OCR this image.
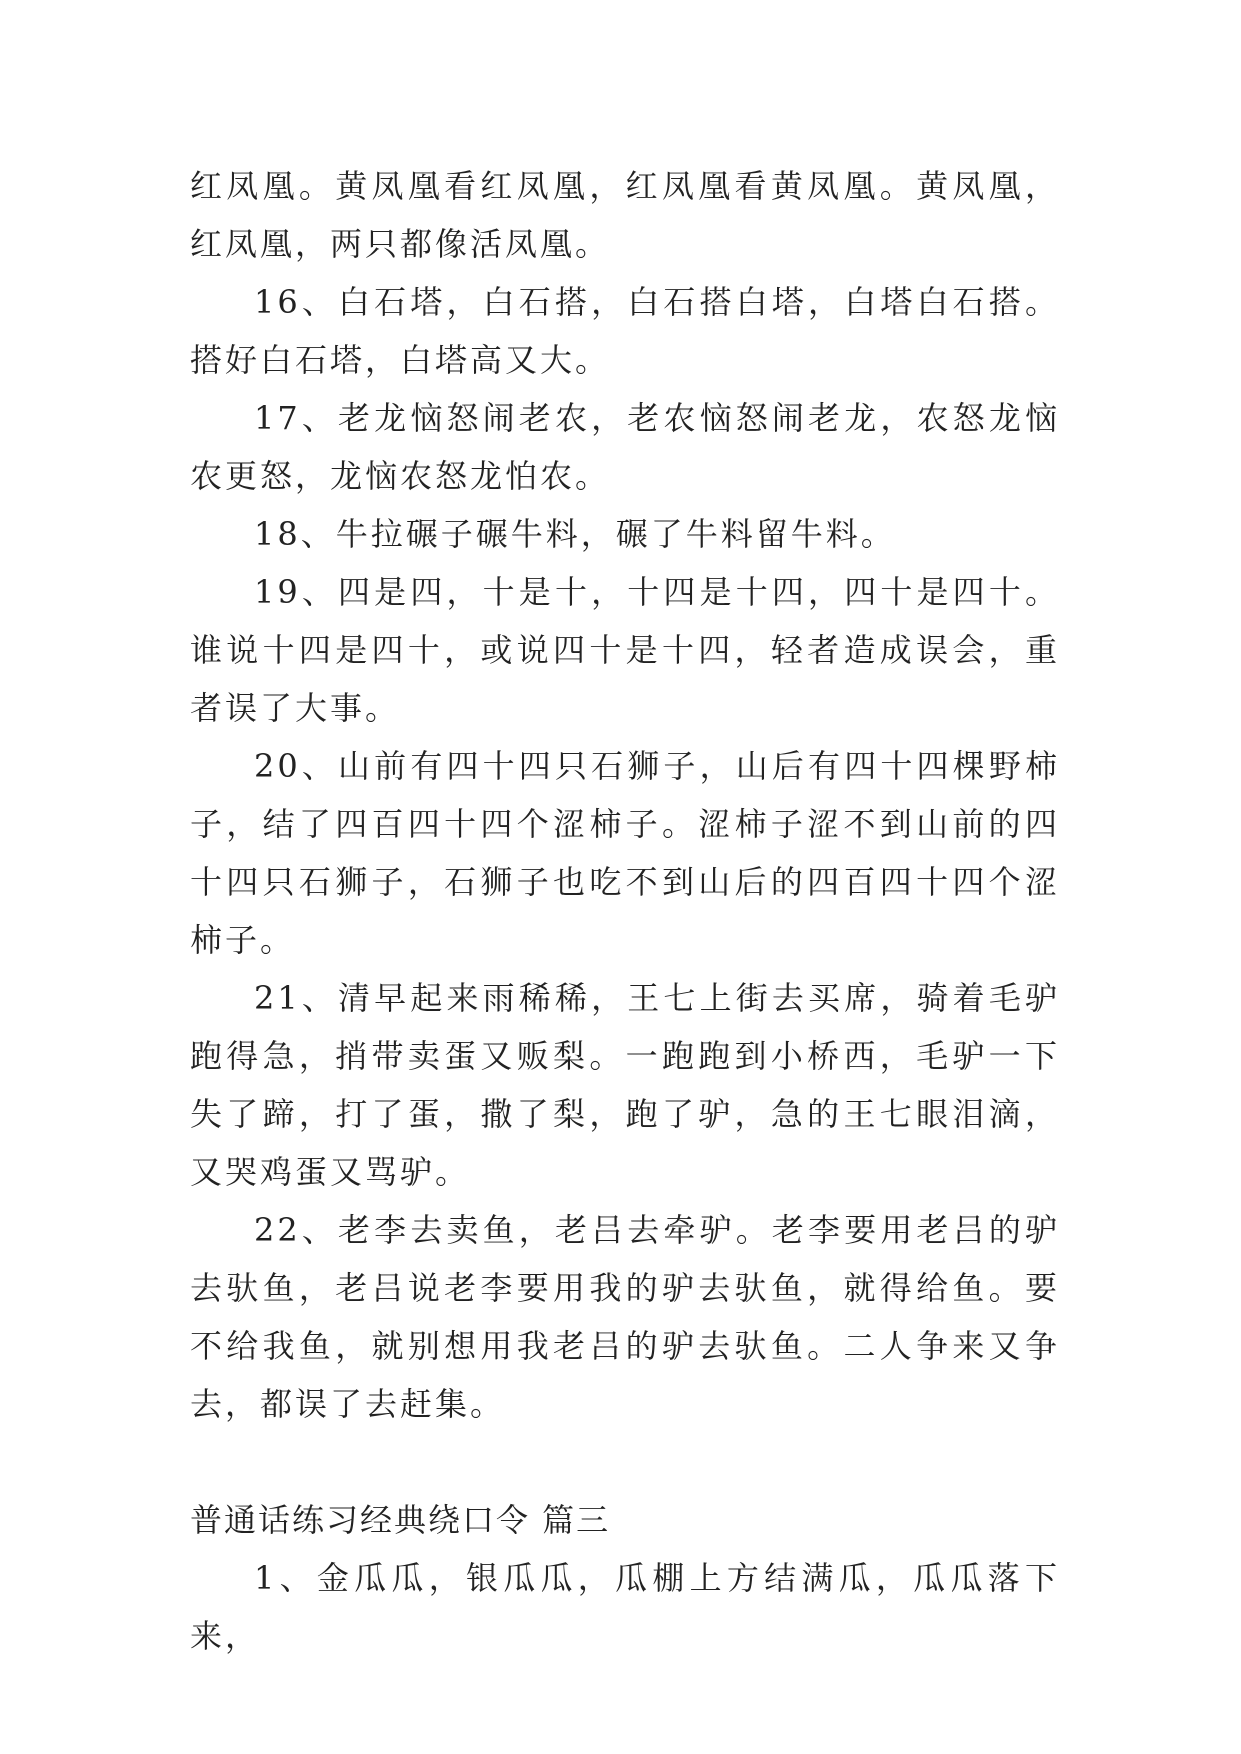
红凤凰。黄凤凰看红凤凰，红凤凰看黄凤凰。黄凤凰，红凤凰，两只都像活凤凰。

16、白石塔，白石搭，白石搭白塔，白塔白石搭。搭好白石塔，白塔高又大。

17、老龙恼怒闹老农，老农恼怒闹老龙，农怒龙恼农更怒，龙恼农怒龙怕农。

18、牛拉碾子碾牛料，碾了牛料留牛料。

19、四是四，十是十，十四是十四，四十是四十。谁说十四是四十，或说四十是十四，轻者造成误会，重者误了大事。

20、山前有四十四只石狮子，山后有四十四棵野柿子，结了四百四十四个涩柿子。涩柿子涩不到山前的四十四只石狮子，石狮子也吃不到山后的四百四十四个涩柿子。

21、清早起来雨稀稀，王七上街去买席，骑着毛驴跑得急，捎带卖蛋又贩梨。一跑跑到小桥西，毛驴一下失了蹄，打了蛋，撒了梨，跑了驴，急的王七眼泪滴，又哭鸡蛋又骂驴。

22、老李去卖鱼，老吕去牵驴。老李要用老吕的驴去驮鱼，老吕说老李要用我的驴去驮鱼，就得给鱼。要不给我鱼，就别想用我老吕的驴去驮鱼。二人争来又争去，都误了去赶集。

普通话练习经典绕口令 篇三

1、金瓜瓜，银瓜瓜，瓜棚上方结满瓜，瓜瓜落下来，
